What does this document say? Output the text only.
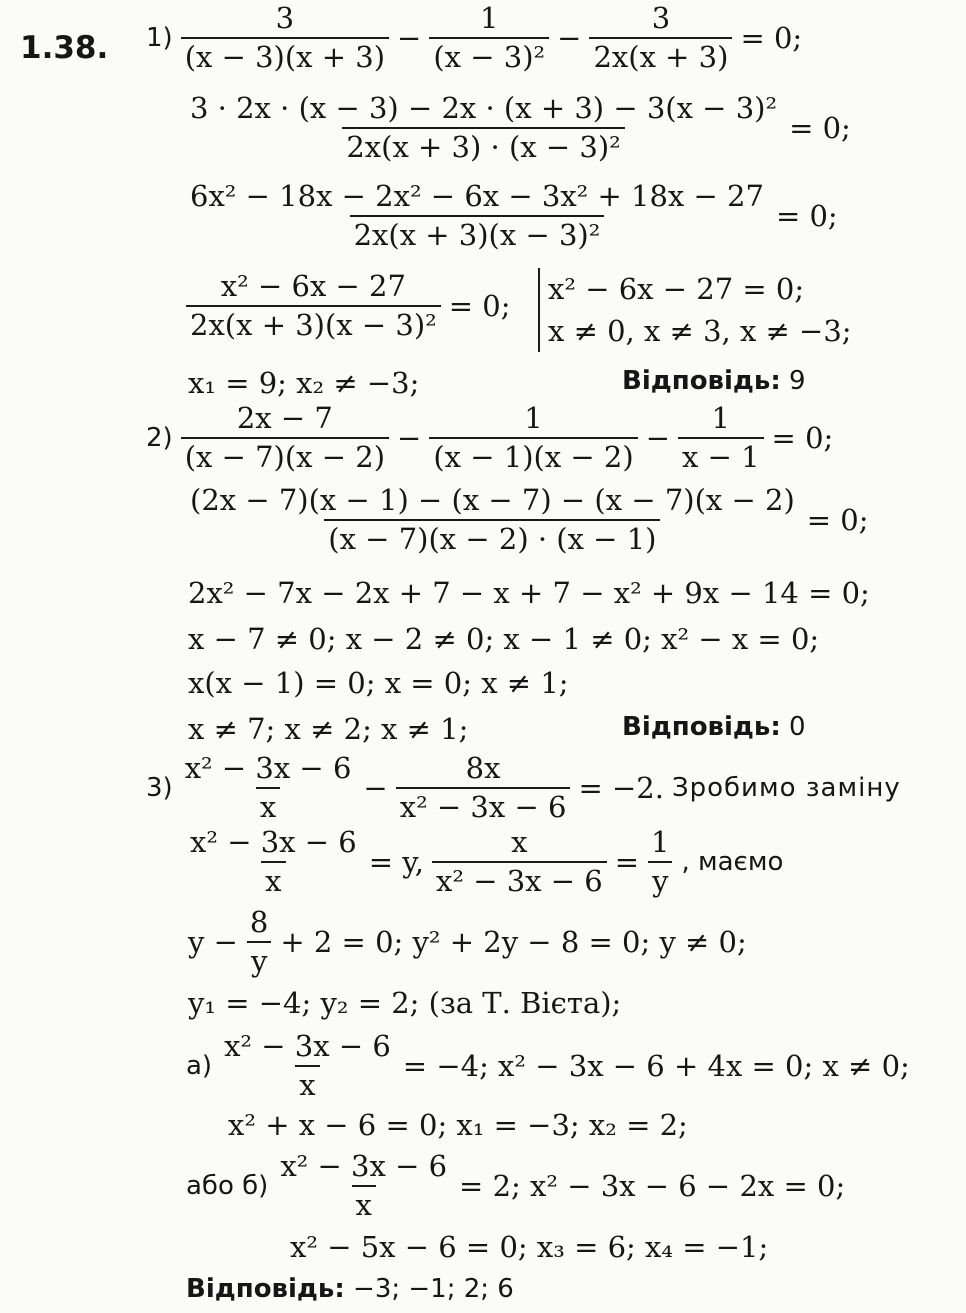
1.38. $1) \frac{3}{(x - 3)(x + 3)} - \frac{1}{\text{(x − 3)²}} - \frac{3}{2x(x + 3)} = 0$;
$\frac{\text{3 · 2x · (x − 3) − 2x · (x + 3) − 3(x − 3)²}}{\text{2x(x + 3) · (x − 3)²}} = 0$;
$\frac{\text{6x² − 18x − 2x² − 6x − 3x² + 18x − 27}}{\text{2x(x + 3)(x − 3)²}} = 0$;
$\frac{\text{x² − 6x − 27}}{\text{2x(x + 3)(x − 3)²}} = 0$;
x² − 6x − 27 = 0;
x ≠ 0, x ≠ 3, x ≠ −3;
x₁ = 9; x₂ ≠ −3;	Відповідь: 9
$2) \frac{2x - 7}{(x - 7)(x - 2)} - \frac{1}{(x - 1)(x - 2)} - \frac{1}{x - 1} = 0$;
$\frac{(2x - 7)(x - 1) - (x - 7) - (x - 7)(x - 2)}{(x - 7)(x - 2) \cdot (x - 1)} = 0$;
2x² − 7x − 2x + 7 − x + 7 − x² + 9x − 14 = 0;
x − 7 ≠ 0; x − 2 ≠ 0; x − 1 ≠ 0; x² − x = 0;
x(x − 1) = 0; x = 0; x ≠ 1;
x ≠ 7; x ≠ 2; x ≠ 1;	Відповідь: 0
$3) \frac{\text{x² − 3x − 6}}{x} - \frac{8x}{\text{x² − 3x − 6}} = -2$. Зробимо заміну
$\frac{\text{x² − 3x − 6}}{x} = y$, $\frac{x}{\text{x² − 3x − 6}} = \frac{1}{y}$ , маємо
$y - \frac{8}{y} + 2 = 0$; y² + 2y − 8 = 0; y ≠ 0;
y₁ = −4; y₂ = 2; (за Т. Вієта);
$а) \frac{\text{x² − 3x − 6}}{x} = -4$; x² − 3x − 6 + 4x = 0; x ≠ 0;
x² + x − 6 = 0; x₁ = −3; x₂ = 2;
або $б) \frac{\text{x² − 3x − 6}}{x} = 2$; x² − 3x − 6 − 2x = 0;
x² − 5x − 6 = 0; x₃ = 6; x₄ = −1;
Відповідь: −3; −1; 2; 6
